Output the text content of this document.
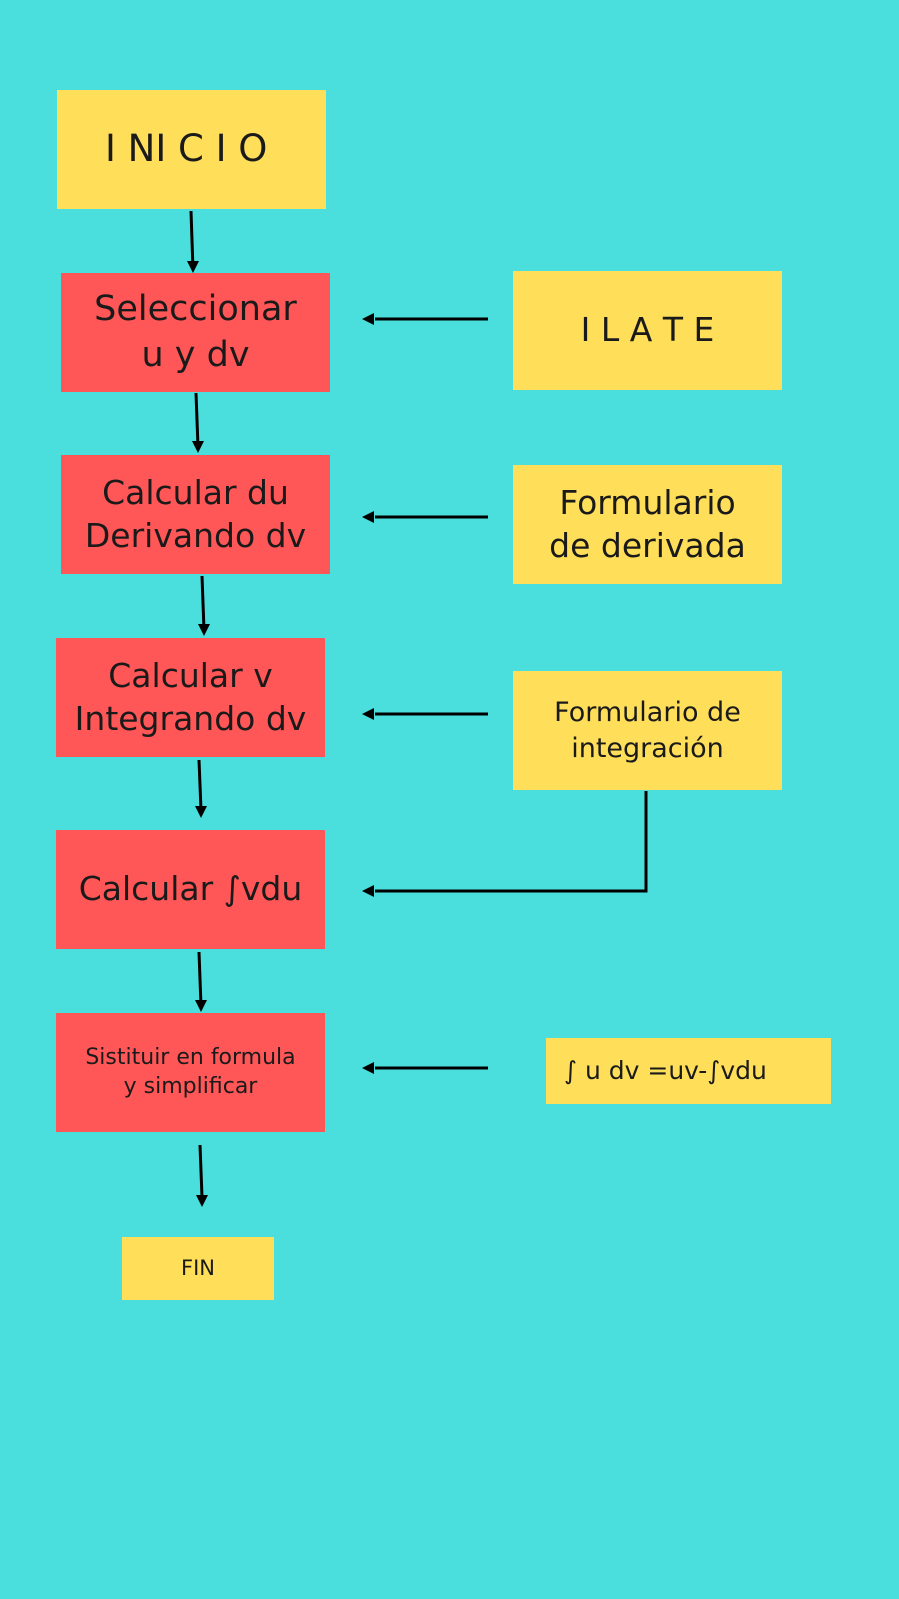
I NI C I O
Seleccionar
u y dv
Calcular du
Derivando dv
Calcular v
Integrando dv
Calcular ∫vdu
Sistituir en formula
y simplificar
FIN
I L A T E
Formulario
de derivada
Formulario de
integración
∫ u dv =uv-∫vdu
